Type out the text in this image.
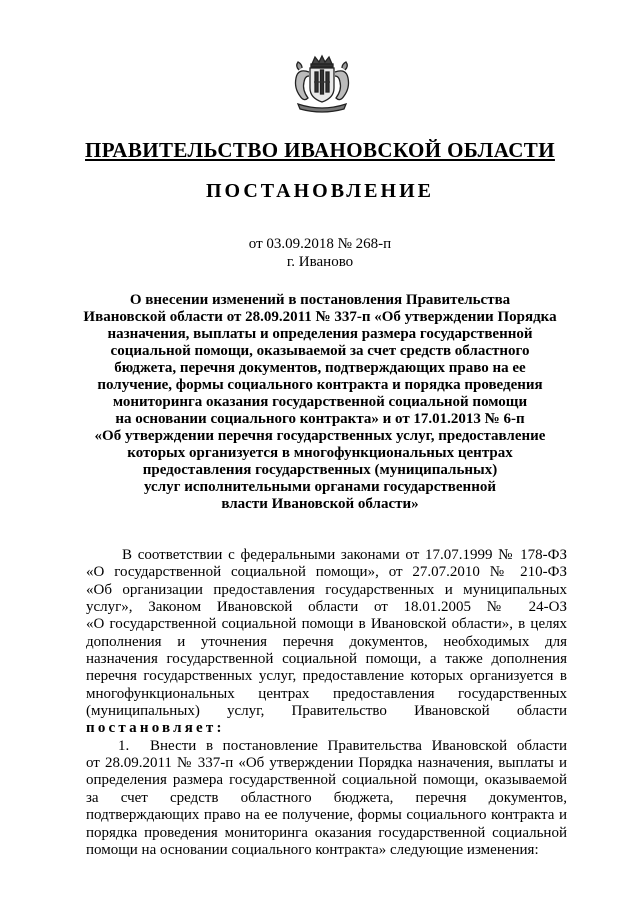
ПРАВИТЕЛЬСТВО ИВАНОВСКОЙ ОБЛАСТИ
ПОСТАНОВЛЕНИЕ
от 03.09.2018 № 268-п
г. Иваново
О внесении изменений в постановления Правительства
Ивановской области от 28.09.2011 № 337-п «Об утверждении Порядка
назначения, выплаты и определения размера государственной
социальной помощи, оказываемой за счет средств областного
бюджета, перечня документов, подтверждающих право на ее
получение, формы социального контракта и порядка проведения
мониторинга оказания государственной социальной помощи
на основании социального контракта» и от 17.01.2013 № 6-п
«Об утверждении перечня государственных услуг, предоставление
которых организуется в многофункциональных центрах
предоставления государственных (муниципальных)
услуг исполнительными органами государственной
власти Ивановской области»
В соответствии с федеральными законами от 17.07.1999 № 178-ФЗ
«О государственной социальной помощи», от 27.07.2010 № 210-ФЗ
«Об организации предоставления государственных и муниципальных
услуг», Законом Ивановской области от 18.01.2005 № 24-ОЗ
«О государственной социальной помощи в Ивановской области», в целях
дополнения и уточнения перечня документов, необходимых для
назначения государственной социальной помощи, а также дополнения
перечня государственных услуг, предоставление которых организуется в
многофункциональных центрах предоставления государственных
(муниципальных) услуг, Правительство Ивановской области
постановляет:
1. Внести в постановление Правительства Ивановской области
от 28.09.2011 № 337-п «Об утверждении Порядка назначения, выплаты и
определения размера государственной социальной помощи, оказываемой
за счет средств областного бюджета, перечня документов,
подтверждающих право на ее получение, формы социального контракта и
порядка проведения мониторинга оказания государственной социальной
помощи на основании социального контракта» следующие изменения:
